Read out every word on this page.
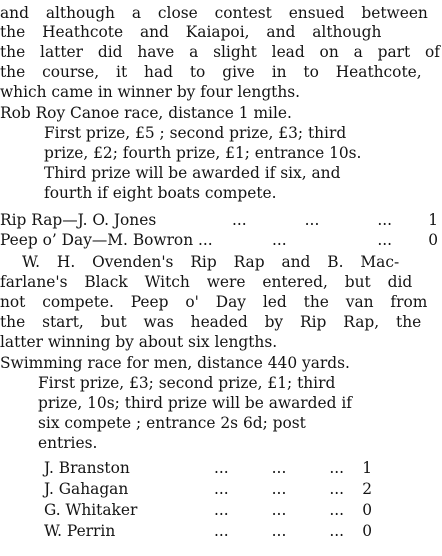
and although a close contest ensued between
the Heathcote and Kaiapoi, and although
the latter did have a slight lead on a part of
the course, it had to give in to Heathcote,
which came in winner by four lengths.
Rob Roy Canoe race, distance 1 mile.
First prize, £5 ; second prize, £3; third
prize, £2; fourth prize, £1; entrance 10s.
Third prize will be awarded if six, and
fourth if eight boats compete.
Rip Rap—J. O. Jones	...	...	... 1
Peep o’ Day—M. Bowron ...	...	... 0
W. H. Ovenden's Rip Rap and B. Mac-
farlane's Black Witch were entered, but did
not compete. Peep o' Day led the van from
the start, but was headed by Rip Rap, the
latter winning by about six lengths.
Swimming race for men, distance 440 yards.
First prize, £3; second prize, £1; third
prize, 10s; third prize will be awarded if
six compete ; entrance 2s 6d; post
entries.
J. Branston	...	...	... 1
J. Gahagan	...	...	... 2
G. Whitaker	...	...	... 0
W. Perrin	...	...	... 0
